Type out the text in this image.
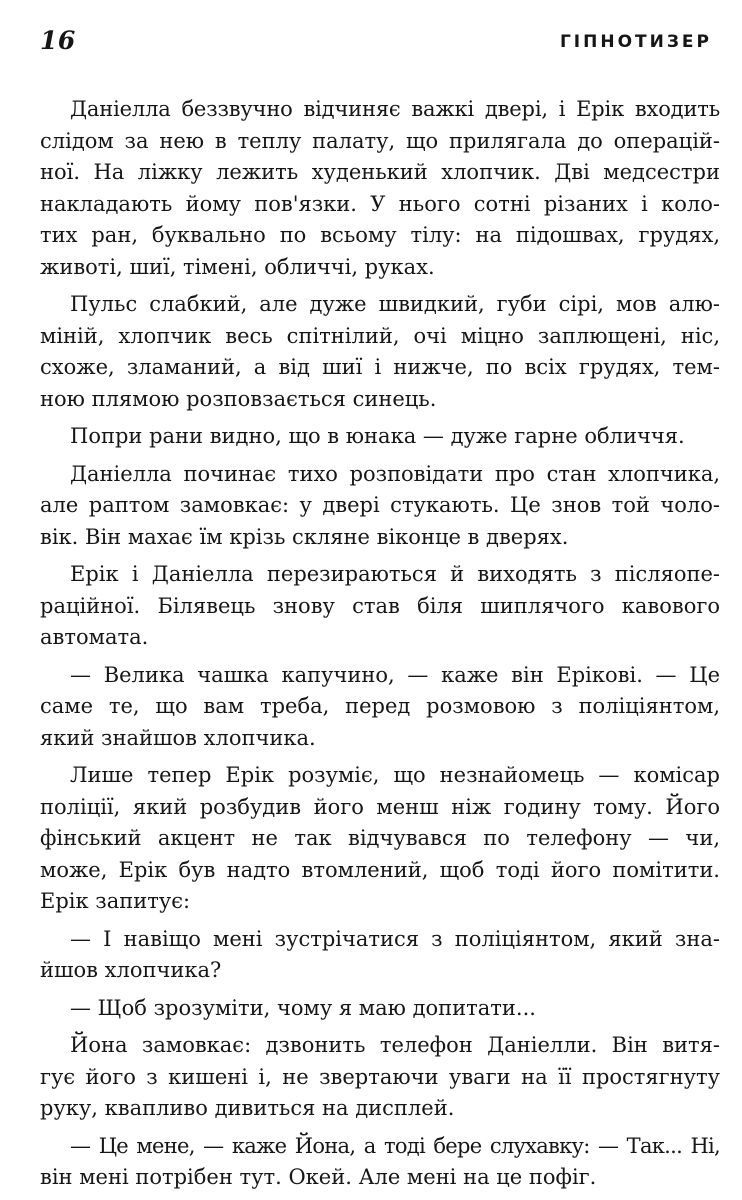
16	ГІПНОТИЗЕР

Даніелла беззвучно відчиняє важкі двері, і Ерік входить
слідом за нею в теплу палату, що прилягала до операцій-
ної. На ліжку лежить худенький хлопчик. Дві медсестри
накладають йому пов'язки. У нього сотні різаних і коло-
тих ран, буквально по всьому тілу: на підошвах, грудях,
животі, шиї, тімені, обличчі, руках.

Пульс слабкий, але дуже швидкий, губи сірі, мов алю-
міній, хлопчик весь спітнілий, очі міцно заплющені, ніс,
схоже, зламаний, а від шиї і нижче, по всіх грудях, тем-
ною плямою розповзається синець.

Попри рани видно, що в юнака — дуже гарне обличчя.

Даніелла починає тихо розповідати про стан хлопчика,
але раптом замовкає: у двері стукають. Це знов той чоло-
вік. Він махає їм крізь скляне віконце в дверях.

Ерік і Даніелла перезираються й виходять з післяопе-
раційної. Білявець знову став біля шиплячого кавового
автомата.

— Велика чашка капучино, — каже він Ерікові. — Це
саме те, що вам треба, перед розмовою з поліціянтом,
який знайшов хлопчика.

Лише тепер Ерік розуміє, що незнайомець — комісар
поліції, який розбудив його менш ніж годину тому. Його
фінський акцент не так відчувався по телефону — чи,
може, Ерік був надто втомлений, щоб тоді його помітити.
Ерік запитує:

— І навіщо мені зустрічатися з поліціянтом, який зна-
йшов хлопчика?

— Щоб зрозуміти, чому я маю допитати...

Йона замовкає: дзвонить телефон Даніелли. Він витя-
гує його з кишені і, не звертаючи уваги на її простягнуту
руку, квапливо дивиться на дисплей.

— Це мене, — каже Йона, а тоді бере слухавку: — Так... Ні,
він мені потрібен тут. Окей. Але мені на це пофіг.
